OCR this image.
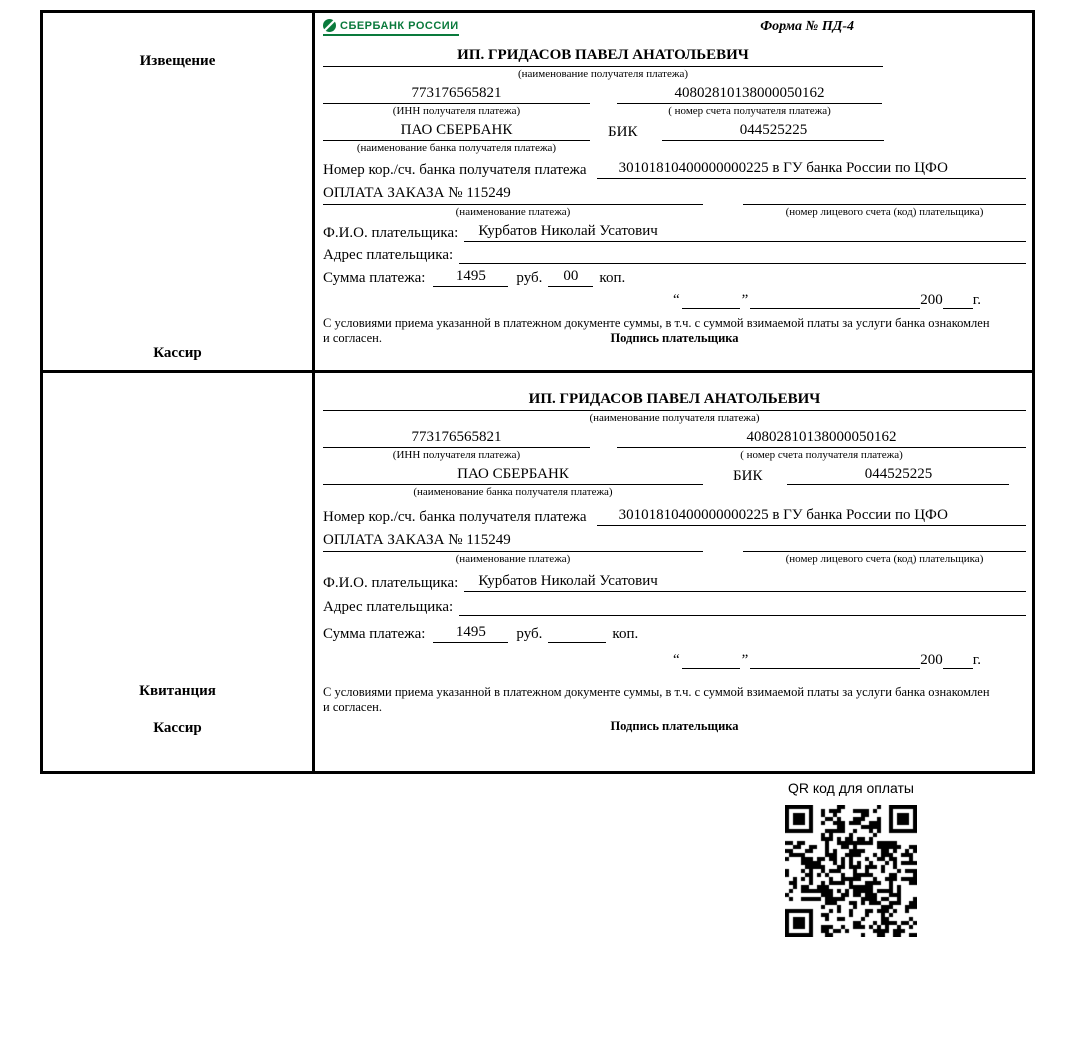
Извещение
Кассир
СБЕРБАНК РОССИИ	Форма № ПД-4
ИП. ГРИДАСОВ ПАВЕЛ АНАТОЛЬЕВИЧ
(наименование получателя платежа)
773176565821	40802810138000050162
(ИНН получателя платежа)	( номер счета получателя платежа)
ПАО СБЕРБАНК	БИК	044525225
(наименование банка получателя платежа)
Номер кор./сч. банка получателя платежа	30101810400000000225 в ГУ банка России по ЦФО
ОПЛАТА ЗАКАЗА № 115249
(наименование платежа)	(номер лицевого счета (код) плательщика)
Ф.И.О. плательщика:	Курбатов Николай Усатович
Адрес плательщика:
Сумма платежа:	1495	руб.	00	коп.
“	”	200 г.
С условиями приема указанной в платежном документе суммы, в т.ч. с суммой взимаемой платы за услуги банка ознакомлен и согласен.	Подпись плательщика
Квитанция
Кассир
ИП. ГРИДАСОВ ПАВЕЛ АНАТОЛЬЕВИЧ
(наименование получателя платежа)
773176565821	40802810138000050162
(ИНН получателя платежа)	( номер счета получателя платежа)
ПАО СБЕРБАНК	БИК	044525225
(наименование банка получателя платежа)
Номер кор./сч. банка получателя платежа	30101810400000000225 в ГУ банка России по ЦФО
ОПЛАТА ЗАКАЗА № 115249
(наименование платежа)	(номер лицевого счета (код) плательщика)
Ф.И.О. плательщика:	Курбатов Николай Усатович
Адрес плательщика:
Сумма платежа:	1495	руб.	коп.
“	”	200 г.
С условиями приема указанной в платежном документе суммы, в т.ч. с суммой взимаемой платы за услуги банка ознакомлен и согласен.
Подпись плательщика
QR код для оплаты
